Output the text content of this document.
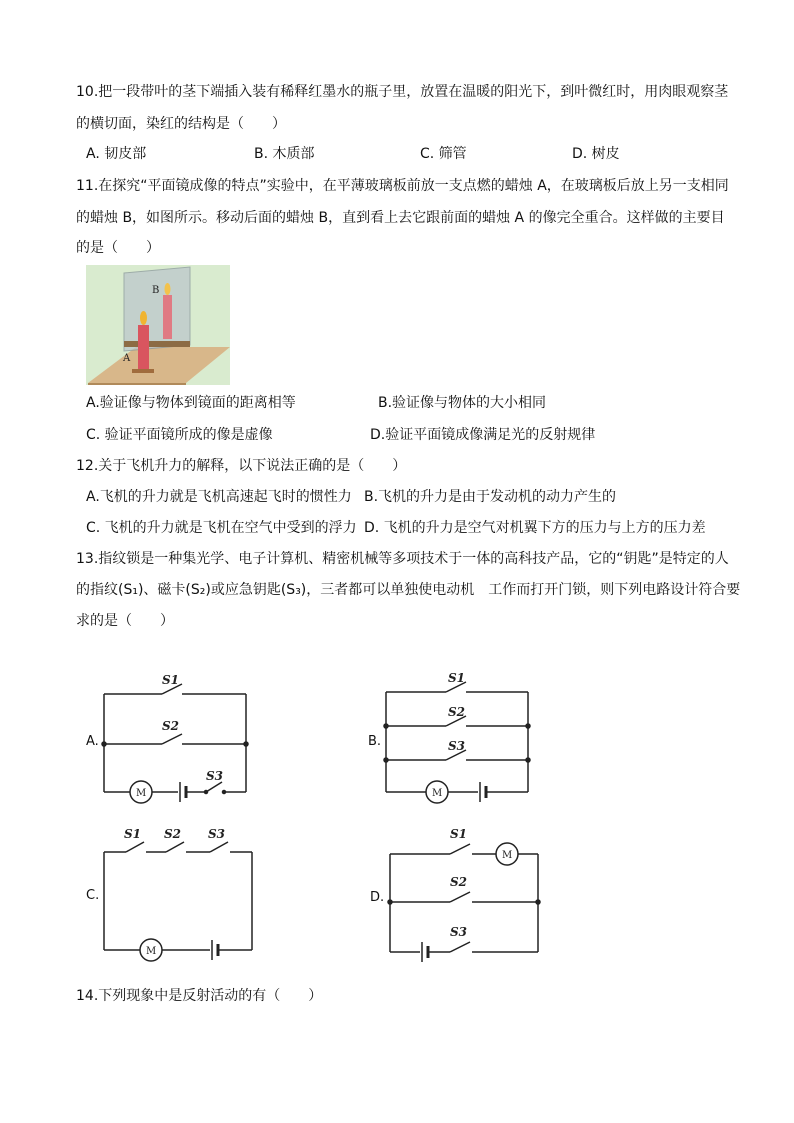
10.把一段带叶的茎下端插入装有稀释红墨水的瓶子里，放置在温暖的阳光下，到叶微红时，用肉眼观察茎
的横切面，染红的结构是（　　）
A. 韧皮部	B. 木质部	C. 筛管	D. 树皮
11.在探究“平面镜成像的特点”实验中，在平薄玻璃板前放一支点燃的蜡烛 A，在玻璃板后放上另一支相同
的蜡烛 B，如图所示。移动后面的蜡烛 B，直到看上去它跟前面的蜡烛 A 的像完全重合。这样做的主要目
的是（　　）
B
A
A.验证像与物体到镜面的距离相等	B.验证像与物体的大小相同
C. 验证平面镜所成的像是虚像	D.验证平面镜成像满足光的反射规律
12.关于飞机升力的解释，以下说法正确的是（　　）
A.飞机的升力就是飞机高速起飞时的惯性力 B.飞机的升力是由于发动机的动力产生的
C. 飞机的升力就是飞机在空气中受到的浮力 D. 飞机的升力是空气对机翼下方的压力与上方的压力差
13.指纹锁是一种集光学、电子计算机、精密机械等多项技术于一体的高科技产品，它的“钥匙”是特定的人
的指纹(S₁)、磁卡(S₂)或应急钥匙(S₃)，三者都可以单独使电动机　工作而打开门锁，则下列电路设计符合要
求的是（　　）
A.
M
S1
S2
S3
B.
M
S1
S2
S3
C.
M
S1 S2 S3
D.
M
S1
S2
S3
14.下列现象中是反射活动的有（　　）
